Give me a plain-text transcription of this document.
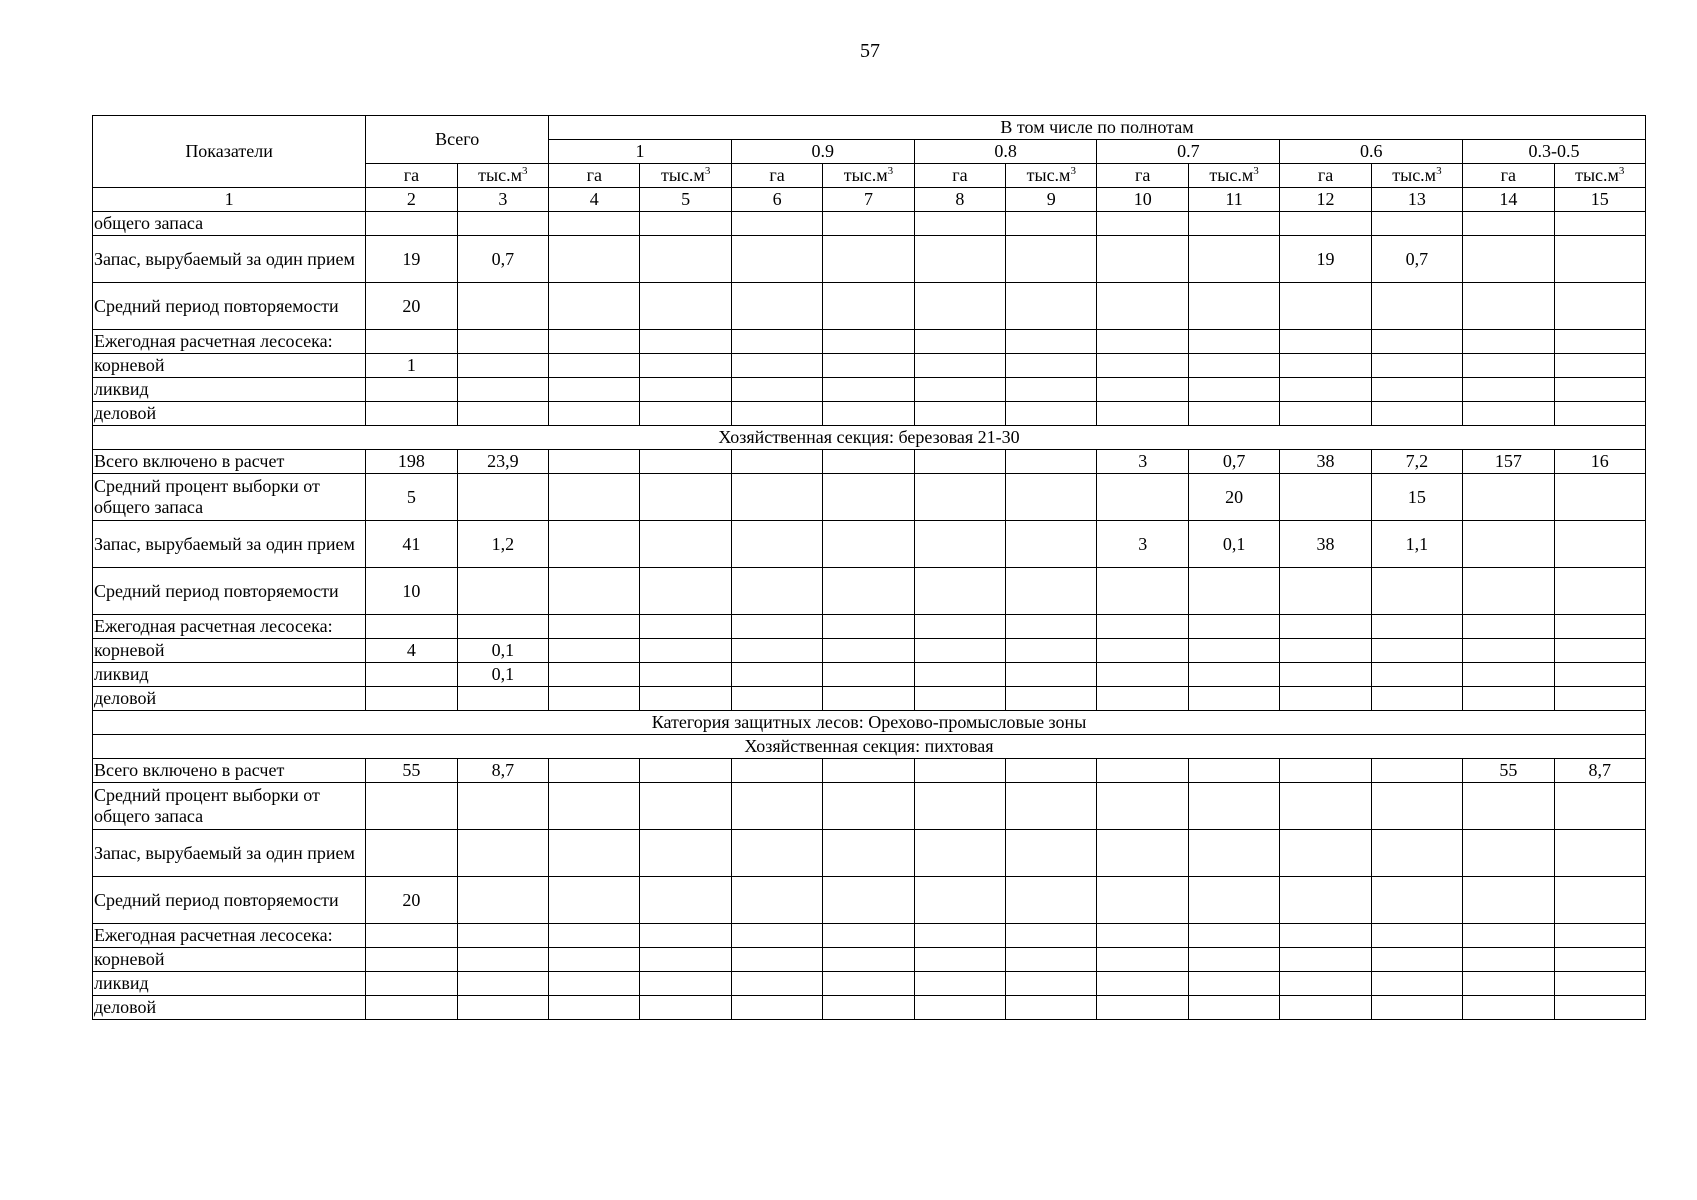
57
Показатели	Всего		В том числе по полнотам											
			1		0.9		0.8		0.7		0.6		0.3-0.5	
	га	$тыс.м^3$	га	$тыс.м^3$	га	$тыс.м^3$	га	$тыс.м^3$	га	$тыс.м^3$	га	$тыс.м^3$	га	$тыс.м^3$
1	2	3	4	5	6	7	8	9	10	11	12	13	14	15
общего запаса														
Запас, вырубаемый за один прием	19	0,7									19	0,7		
Средний период повторяемости	20													
Ежегодная расчетная лесосека:														
корневой	1													
ликвид														
деловой														
Хозяйственная секция: березовая 21-30														
Всего включено в расчет	198	23,9							3	0,7	38	7,2	157	16
Средний процент выборки от общего запаса	5									20		15		
Запас, вырубаемый за один прием	41	1,2							3	0,1	38	1,1		
Средний период повторяемости	10													
Ежегодная расчетная лесосека:														
корневой	4	0,1												
ликвид		0,1												
деловой														
Категория защитных лесов: Орехово-промысловые зоны														
Хозяйственная секция: пихтовая														
Всего включено в расчет	55	8,7											55	8,7
Средний процент выборки от общего запаса														
Запас, вырубаемый за один прием														
Средний период повторяемости	20													
Ежегодная расчетная лесосека:														
корневой														
ликвид														
деловой														
